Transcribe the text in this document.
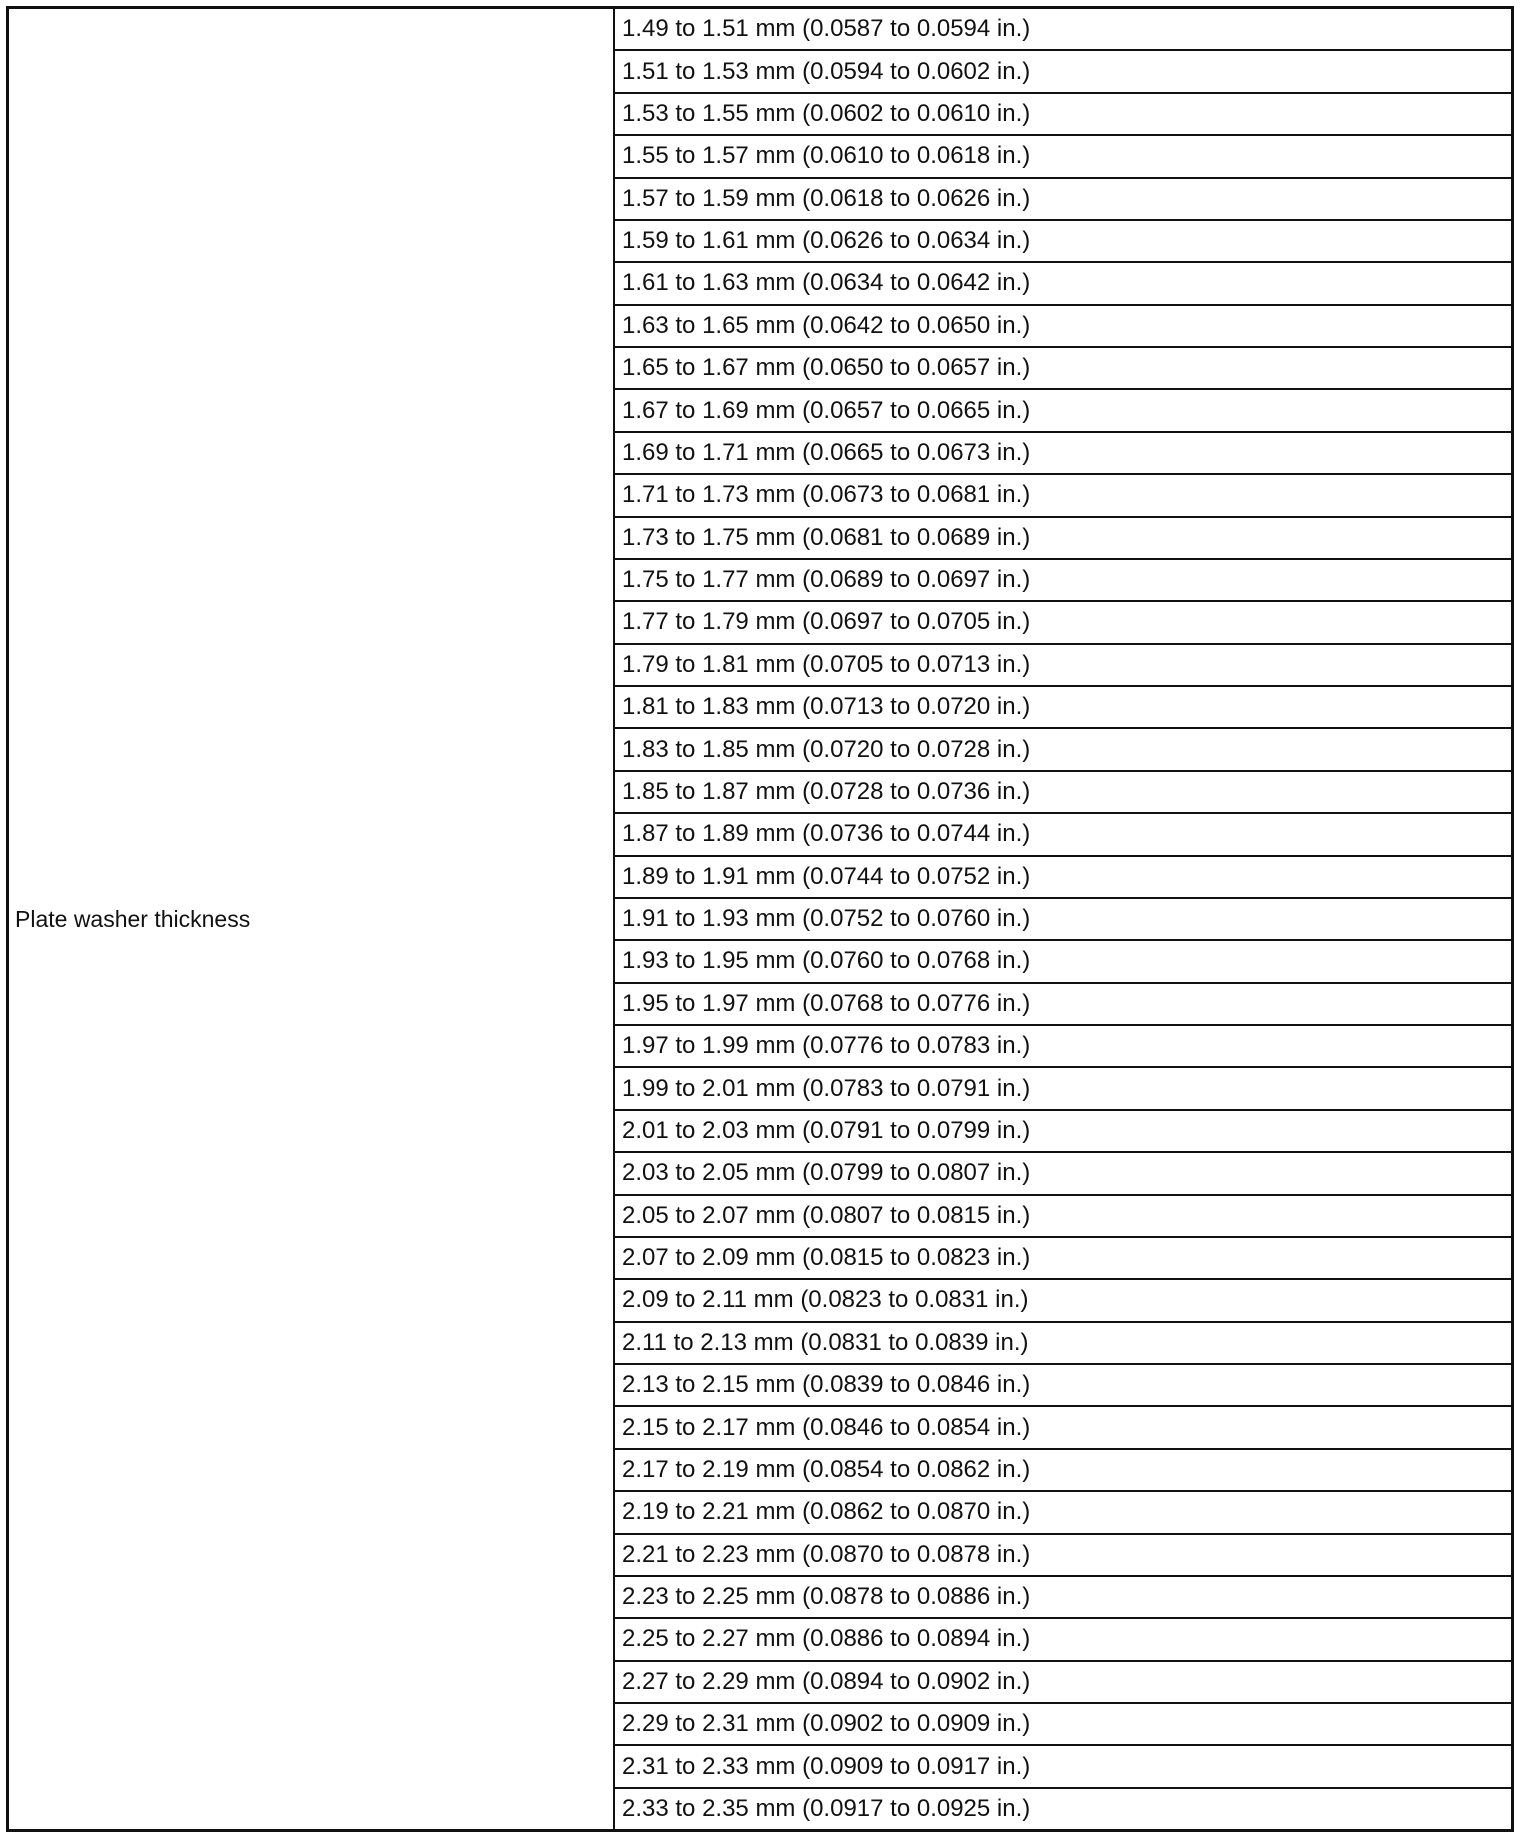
Plate washer thickness
1.49 to 1.51 mm (0.0587 to 0.0594 in.)
1.51 to 1.53 mm (0.0594 to 0.0602 in.)
1.53 to 1.55 mm (0.0602 to 0.0610 in.)
1.55 to 1.57 mm (0.0610 to 0.0618 in.)
1.57 to 1.59 mm (0.0618 to 0.0626 in.)
1.59 to 1.61 mm (0.0626 to 0.0634 in.)
1.61 to 1.63 mm (0.0634 to 0.0642 in.)
1.63 to 1.65 mm (0.0642 to 0.0650 in.)
1.65 to 1.67 mm (0.0650 to 0.0657 in.)
1.67 to 1.69 mm (0.0657 to 0.0665 in.)
1.69 to 1.71 mm (0.0665 to 0.0673 in.)
1.71 to 1.73 mm (0.0673 to 0.0681 in.)
1.73 to 1.75 mm (0.0681 to 0.0689 in.)
1.75 to 1.77 mm (0.0689 to 0.0697 in.)
1.77 to 1.79 mm (0.0697 to 0.0705 in.)
1.79 to 1.81 mm (0.0705 to 0.0713 in.)
1.81 to 1.83 mm (0.0713 to 0.0720 in.)
1.83 to 1.85 mm (0.0720 to 0.0728 in.)
1.85 to 1.87 mm (0.0728 to 0.0736 in.)
1.87 to 1.89 mm (0.0736 to 0.0744 in.)
1.89 to 1.91 mm (0.0744 to 0.0752 in.)
1.91 to 1.93 mm (0.0752 to 0.0760 in.)
1.93 to 1.95 mm (0.0760 to 0.0768 in.)
1.95 to 1.97 mm (0.0768 to 0.0776 in.)
1.97 to 1.99 mm (0.0776 to 0.0783 in.)
1.99 to 2.01 mm (0.0783 to 0.0791 in.)
2.01 to 2.03 mm (0.0791 to 0.0799 in.)
2.03 to 2.05 mm (0.0799 to 0.0807 in.)
2.05 to 2.07 mm (0.0807 to 0.0815 in.)
2.07 to 2.09 mm (0.0815 to 0.0823 in.)
2.09 to 2.11 mm (0.0823 to 0.0831 in.)
2.11 to 2.13 mm (0.0831 to 0.0839 in.)
2.13 to 2.15 mm (0.0839 to 0.0846 in.)
2.15 to 2.17 mm (0.0846 to 0.0854 in.)
2.17 to 2.19 mm (0.0854 to 0.0862 in.)
2.19 to 2.21 mm (0.0862 to 0.0870 in.)
2.21 to 2.23 mm (0.0870 to 0.0878 in.)
2.23 to 2.25 mm (0.0878 to 0.0886 in.)
2.25 to 2.27 mm (0.0886 to 0.0894 in.)
2.27 to 2.29 mm (0.0894 to 0.0902 in.)
2.29 to 2.31 mm (0.0902 to 0.0909 in.)
2.31 to 2.33 mm (0.0909 to 0.0917 in.)
2.33 to 2.35 mm (0.0917 to 0.0925 in.)
